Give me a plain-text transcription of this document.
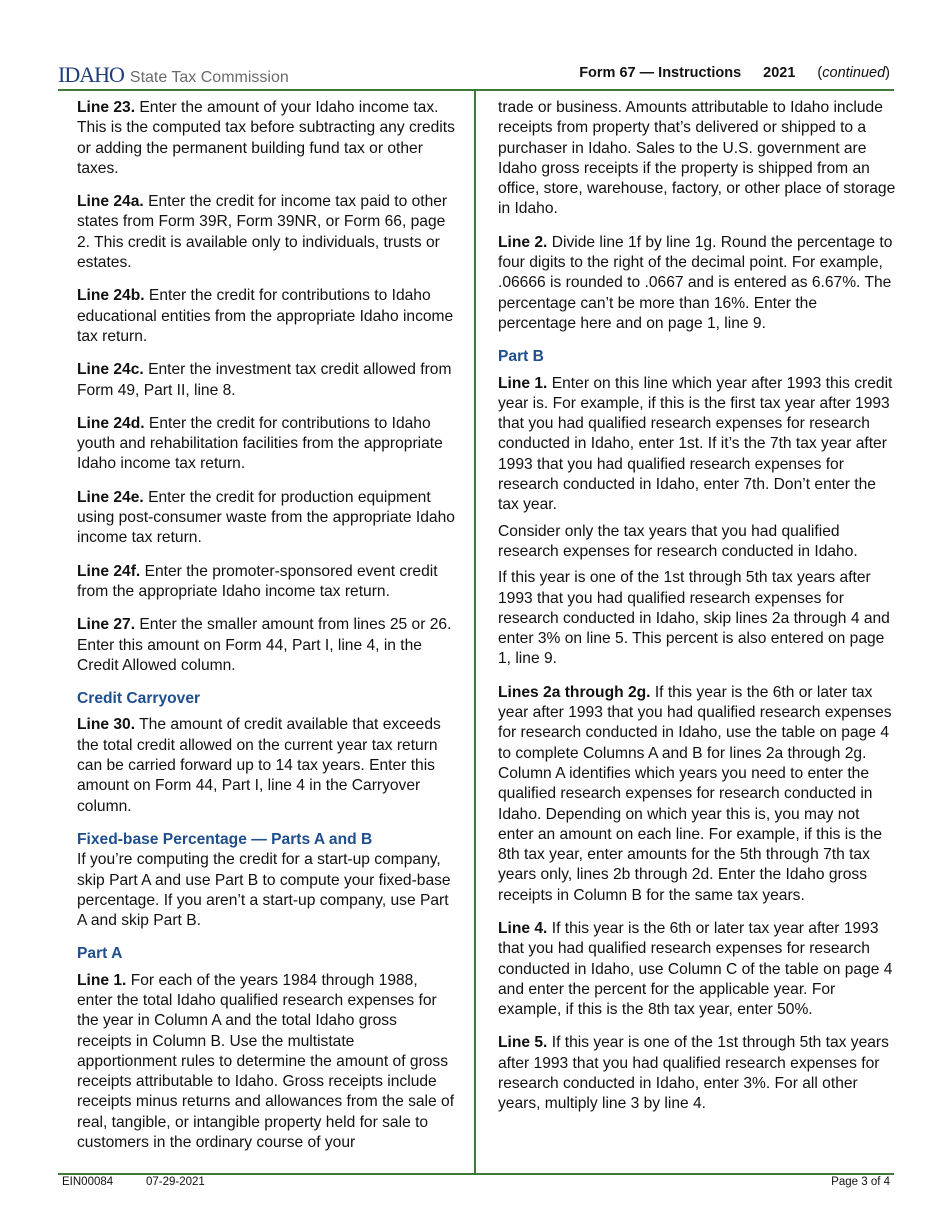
IDAHO State Tax Commission	Form 67 — Instructions 2021 (continued)

Line 23. Enter the amount of your Idaho income tax. This is the computed tax before subtracting any credits or adding the permanent building fund tax or other taxes.

Line 24a. Enter the credit for income tax paid to other states from Form 39R, Form 39NR, or Form 66, page 2. This credit is available only to individuals, trusts or estates.

Line 24b. Enter the credit for contributions to Idaho educational entities from the appropriate Idaho income tax return.

Line 24c. Enter the investment tax credit allowed from Form 49, Part II, line 8.

Line 24d. Enter the credit for contributions to Idaho youth and rehabilitation facilities from the appropriate Idaho income tax return.

Line 24e. Enter the credit for production equipment using post-consumer waste from the appropriate Idaho income tax return.

Line 24f. Enter the promoter-sponsored event credit from the appropriate Idaho income tax return.

Line 27. Enter the smaller amount from lines 25 or 26. Enter this amount on Form 44, Part I, line 4, in the Credit Allowed column.

Credit Carryover

Line 30. The amount of credit available that exceeds the total credit allowed on the current year tax return can be carried forward up to 14 tax years. Enter this amount on Form 44, Part I, line 4 in the Carryover column.

Fixed-base Percentage — Parts A and B

If you’re computing the credit for a start-up company, skip Part A and use Part B to compute your fixed-base percentage. If you aren’t a start-up company, use Part A and skip Part B.

Part A

Line 1. For each of the years 1984 through 1988, enter the total Idaho qualified research expenses for the year in Column A and the total Idaho gross receipts in Column B. Use the multistate apportionment rules to determine the amount of gross receipts attributable to Idaho. Gross receipts include receipts minus returns and allowances from the sale of real, tangible, or intangible property held for sale to customers in the ordinary course of your

trade or business. Amounts attributable to Idaho include receipts from property that’s delivered or shipped to a purchaser in Idaho. Sales to the U.S. government are Idaho gross receipts if the property is shipped from an office, store, warehouse, factory, or other place of storage in Idaho.

Line 2. Divide line 1f by line 1g. Round the percentage to four digits to the right of the decimal point. For example, .06666 is rounded to .0667 and is entered as 6.67%. The percentage can’t be more than 16%. Enter the percentage here and on page 1, line 9.

Part B

Line 1. Enter on this line which year after 1993 this credit year is. For example, if this is the first tax year after 1993 that you had qualified research expenses for research conducted in Idaho, enter 1st. If it’s the 7th tax year after 1993 that you had qualified research expenses for research conducted in Idaho, enter 7th. Don’t enter the tax year.

Consider only the tax years that you had qualified research expenses for research conducted in Idaho.

If this year is one of the 1st through 5th tax years after 1993 that you had qualified research expenses for research conducted in Idaho, skip lines 2a through 4 and enter 3% on line 5. This percent is also entered on page 1, line 9.

Lines 2a through 2g. If this year is the 6th or later tax year after 1993 that you had qualified research expenses for research conducted in Idaho, use the table on page 4 to complete Columns A and B for lines 2a through 2g. Column A identifies which years you need to enter the qualified research expenses for research conducted in Idaho. Depending on which year this is, you may not enter an amount on each line. For example, if this is the 8th tax year, enter amounts for the 5th through 7th tax years only, lines 2b through 2d. Enter the Idaho gross receipts in Column B for the same tax years.

Line 4. If this year is the 6th or later tax year after 1993 that you had qualified research expenses for research conducted in Idaho, use Column C of the table on page 4 and enter the percent for the applicable year. For example, if this is the 8th tax year, enter 50%.

Line 5. If this year is one of the 1st through 5th tax years after 1993 that you had qualified research expenses for research conducted in Idaho, enter 3%. For all other years, multiply line 3 by line 4.

EIN00084	07-29-2021	Page 3 of 4
